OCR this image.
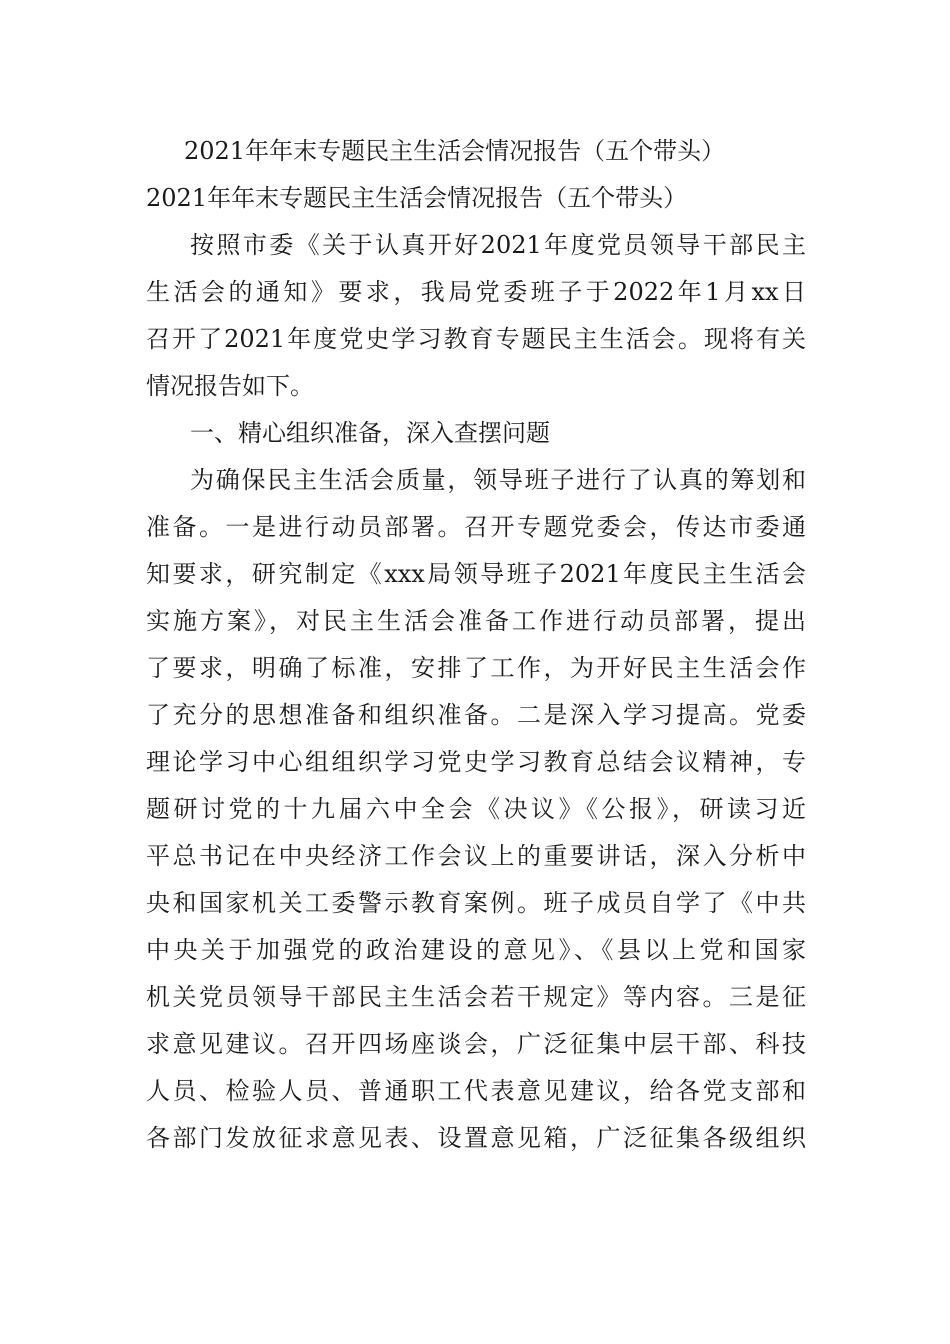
2021年年末专题民主生活会情况报告（五个带头）
2021年年末专题民主生活会情况报告（五个带头）
按照市委《关于认真开好2021年度党员领导干部民主
生活会的通知》要求，我局党委班子于2022年1月xx日
召开了2021年度党史学习教育专题民主生活会。现将有关
情况报告如下。
一、精心组织准备，深入查摆问题
为确保民主生活会质量，领导班子进行了认真的筹划和
准备。一是进行动员部署。召开专题党委会，传达市委通
知要求，研究制定《xxx局领导班子2021年度民主生活会
实施方案》，对民主生活会准备工作进行动员部署，提出
了要求，明确了标准，安排了工作，为开好民主生活会作
了充分的思想准备和组织准备。二是深入学习提高。党委
理论学习中心组组织学习党史学习教育总结会议精神，专
题研讨党的十九届六中全会《决议》《公报》，研读习近
平总书记在中央经济工作会议上的重要讲话，深入分析中
央和国家机关工委警示教育案例。班子成员自学了《中共
中央关于加强党的政治建设的意见》、《县以上党和国家
机关党员领导干部民主生活会若干规定》等内容。三是征
求意见建议。召开四场座谈会，广泛征集中层干部、科技
人员、检验人员、普通职工代表意见建议，给各党支部和
各部门发放征求意见表、设置意见箱，广泛征集各级组织
